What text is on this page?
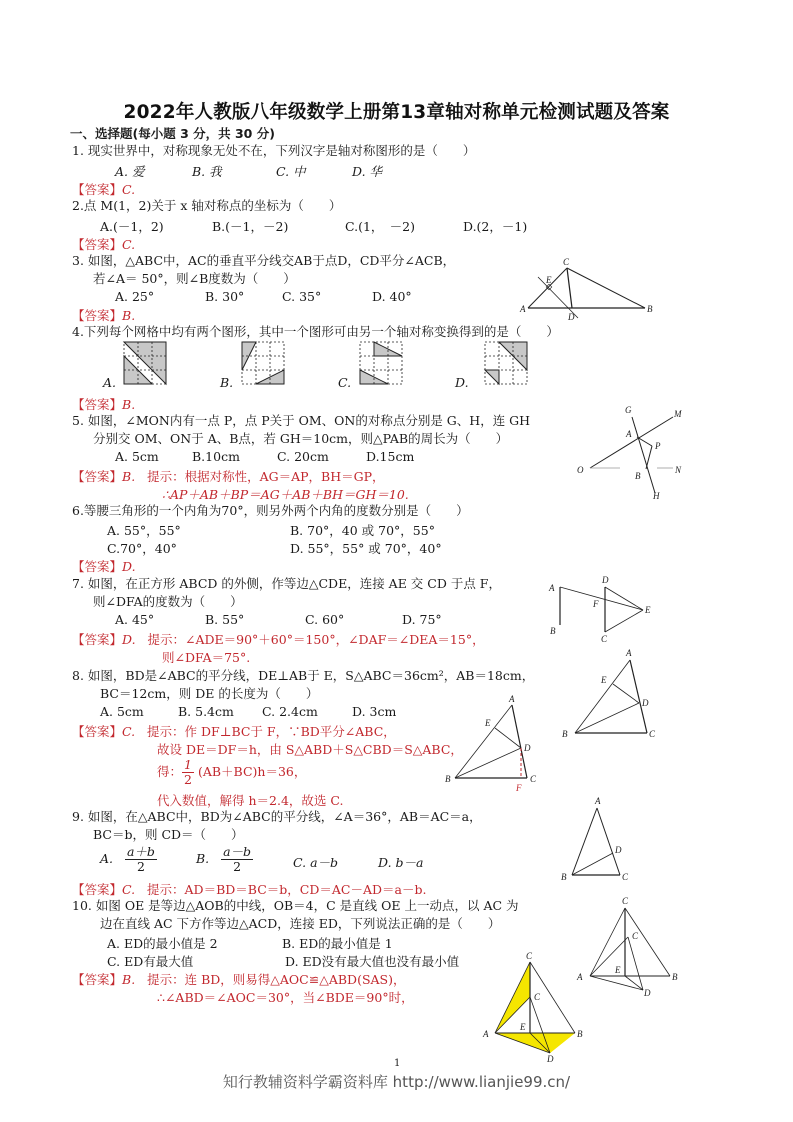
2022年人教版八年级数学上册第13章轴对称单元检测试题及答案
一、选择题(每小题 3 分，共 30 分)
1. 现实世界中，对称现象无处不在，下列汉字是轴对称图形的是（　　）
A. 爱	B. 我	C. 中	D. 华
【答案】C.
2.点 M(1，2)关于 x 轴对称点的坐标为（　　）
A.(－1，2)	B.(－1，－2)	C.(1，　－2)	D.(2，－1)
【答案】C.
3. 如图，△ABC中，AC的垂直平分线交AB于点D，CD平分∠ACB，
若∠A＝ 50°，则∠B度数为（　　）
A. 25°	B. 30°	C. 35°	D. 40°
【答案】B.
C
E
A
D
B
4.下列每个网格中均有两个图形，其中一个图形可由另一个轴对称变换得到的是（　　）
A.	B.	C.	D.
【答案】B.
5. 如图，∠MON内有一点 P，点 P关于 OM、ON的对称点分别是 G、H，连 GH
分别交 OM、ON于 A、B点，若 GH＝10cm，则△PAB的周长为（　　）
A. 5cm	B.10cm	C. 20cm	D.15cm
【答案】B. 提示：根据对称性，AG＝AP，BH＝GP，
∴AP＋AB＋BP＝AG＋AB＋BH＝GH＝10.
G	M
A
P
O	N
B
H
6.等腰三角形的一个内角为70°，则另外两个内角的度数分别是（　　）
A. 55°，55°	B. 70°，40 或 70°，55°
C.70°，40°	D. 55°，55° 或 70°，40°
【答案】D.
7. 如图，在正方形 ABCD 的外侧，作等边△CDE，连接 AE 交 CD 于点 F，
则∠DFA的度数为（　　）
A. 45°	B. 55°	C. 60°	D. 75°
【答案】D. 提示：∠ADE＝90°＋60°＝150°，∠DAF＝∠DEA＝15°，
则∠DFA＝75°.
A
D
F
E
B
C
8. 如图，BD是∠ABC的平分线，DE⊥AB于 E，S△ABC＝36cm²，AB＝18cm，
BC＝12cm，则 DE 的长度为（　　）
A. 5cm	B. 5.4cm C. 2.4cm	D. 3cm
【答案】C. 提示：作 DF⊥BC于 F，∵BD平分∠ABC，
故设 DE＝DF＝h，由 S△ABD＋S△CBD＝S△ABC，
得： $\frac{1}{2} (AB+BC)h=36$，
代入数值，解得 h＝2.4，故选 C.
A
E
D
B	C
A
E
D
B	C
F
9. 如图，在△ABC中，BD为∠ABC的平分线，∠A＝36°，AB＝AC＝a，
BC＝b，则 CD＝（　　）
A. $\frac{a+b}{2}$	B. $\frac{a-b}{2}$	C. a－b	D. b－a
【答案】C. 提示：AD＝BD＝BC＝b，CD＝AC－AD＝a－b.
A
D
B	C
10. 如图 OE 是等边△AOB的中线，OB＝4，C 是直线 OE 上一动点，以 AC 为
边在直线 AC 下方作等边△ACD，连接 ED，下列说法正确的是（　　）
A. ED的最小值是 2	B. ED的最小值是 1
C. ED有最大值	D. ED没有最大值也没有最小值
【答案】B. 提示：连 BD，则易得△AOC≌△ABD(SAS)，
∴∠ABD＝∠AOC＝30°，当∠BDE＝90°时，
C
C
A
E
B
D
C
C
A
E
B
D
1
知行教辅资料学霸资料库 http://www.lianjie99.cn/
